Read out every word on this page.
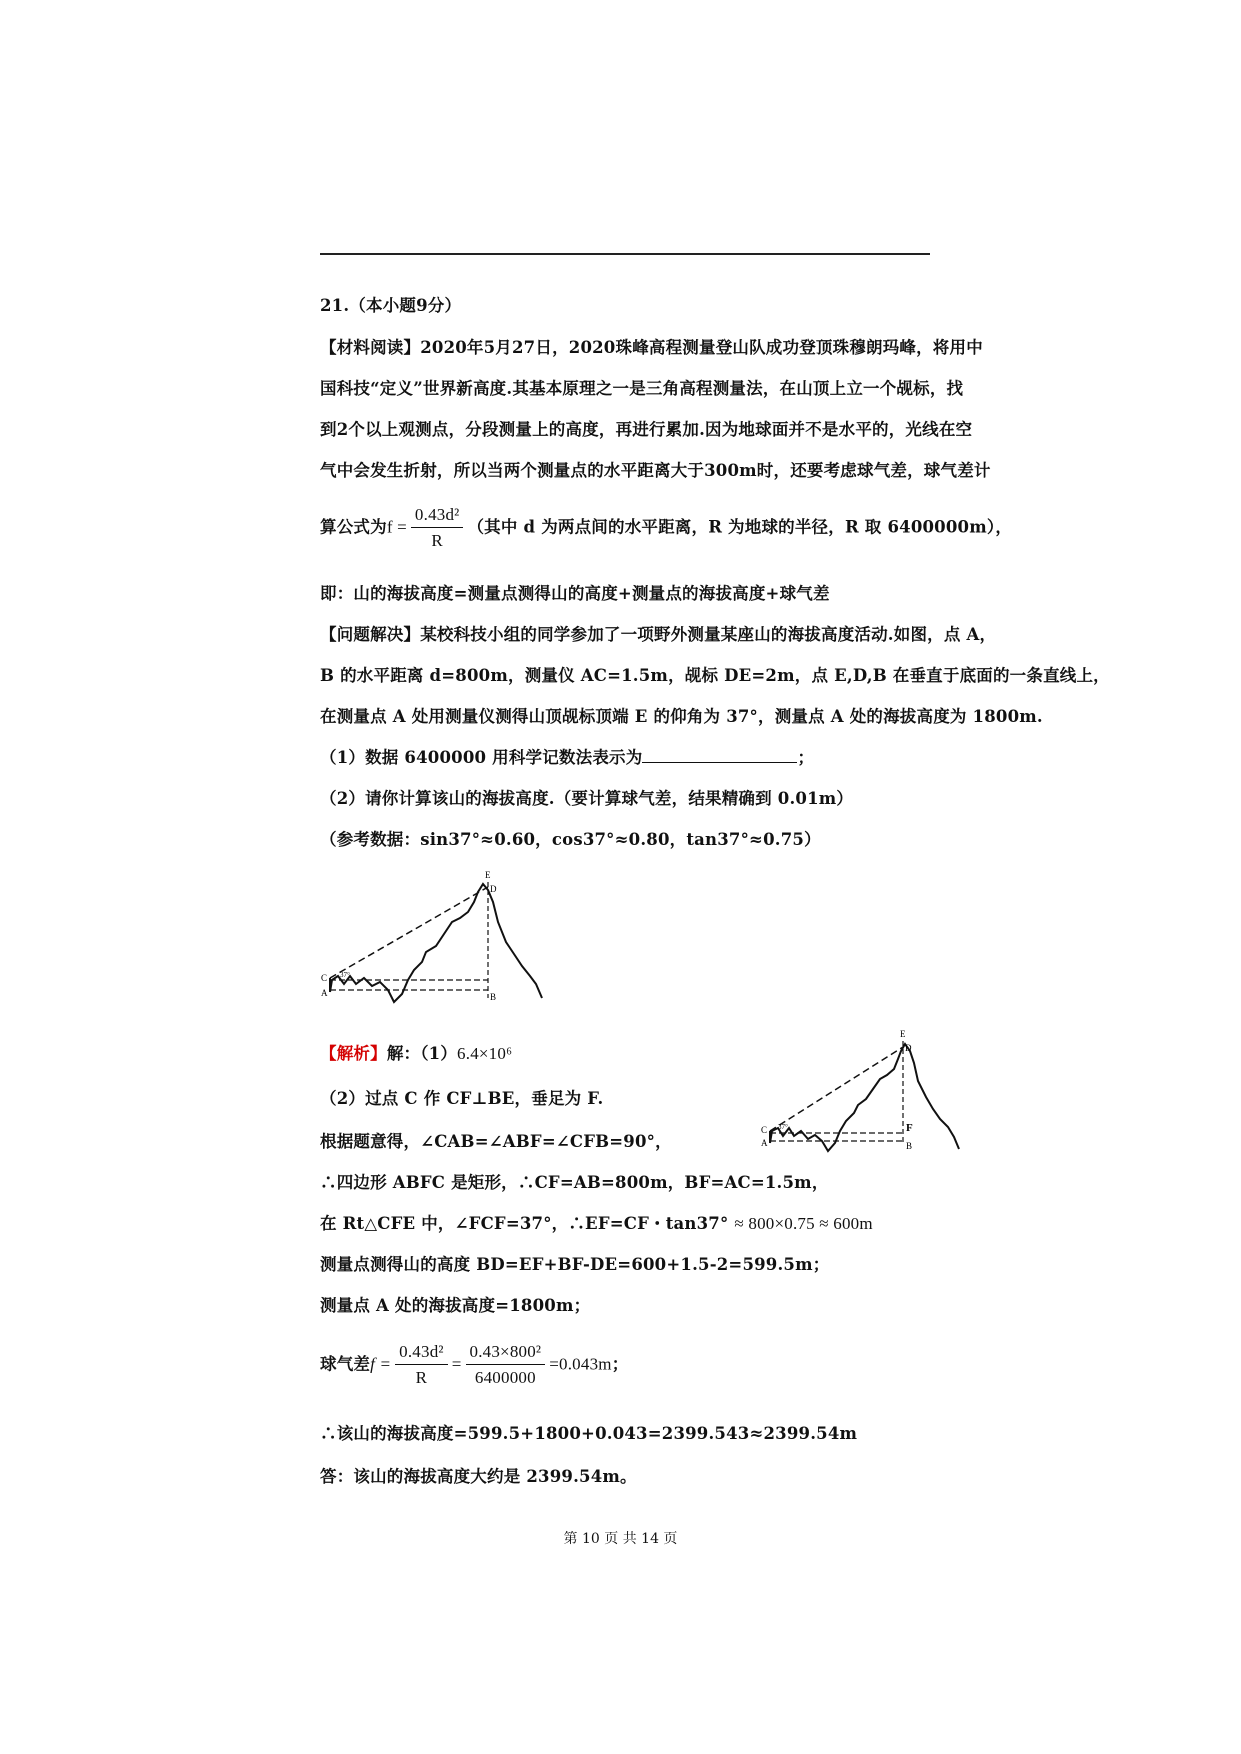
21.（本小题9分）
【材料阅读】2020年5月27日，2020珠峰高程测量登山队成功登顶珠穆朗玛峰，将用中
国科技“定义”世界新高度.其基本原理之一是三角高程测量法，在山顶上立一个觇标，找
到2个以上观测点，分段测量上的高度，再进行累加.因为地球面并不是水平的，光线在空
气中会发生折射，所以当两个测量点的水平距离大于300m时，还要考虑球气差，球气差计
算公式为$f = \frac{\text{0.43d²}}{R}$ （其中 d 为两点间的水平距离，R 为地球的半径，R 取 6400000m），
即：山的海拔高度=测量点测得山的高度+测量点的海拔高度+球气差
【问题解决】某校科技小组的同学参加了一项野外测量某座山的海拔高度活动.如图，点 A，
B 的水平距离 d=800m，测量仪 AC=1.5m，觇标 DE=2m，点 E,D,B 在垂直于底面的一条直线上，
在测量点 A 处用测量仪测得山顶觇标顶端 E 的仰角为 37°，测量点 A 处的海拔高度为 1800m.
（1）数据 6400000 用科学记数法表示为	；
（2）请你计算该山的海拔高度.（要计算球气差，结果精确到 0.01m）
（参考数据：sin37°≈0.60，cos37°≈0.80，tan37°≈0.75）
E
D
C
A	B
37°
【解析】解：（1）6.4×10⁶
（2）过点 C 作 CF⊥BE，垂足为 F.
根据题意得，∠CAB=∠ABF=∠CFB=90°，
∴四边形 ABFC 是矩形，∴CF=AB=800m，BF=AC=1.5m，
在 Rt△CFE 中，∠FCF=37°，∴EF=CF・tan37° ≈ 800×0.75 ≈ 600m
测量点测得山的高度 BD=EF+BF-DE=600+1.5-2=599.5m；
测量点 A 处的海拔高度=1800m；
球气差$f = \frac{\text{0.43d²}}{R} = \frac{\text{0.43×800²}}{6400000} =0.043m$；
∴该山的海拔高度=599.5+1800+0.043=2399.543≈2399.54m
答：该山的海拔高度大约是 2399.54m。
E
D
C
A	B
F
37°
第 10 页 共 14 页
